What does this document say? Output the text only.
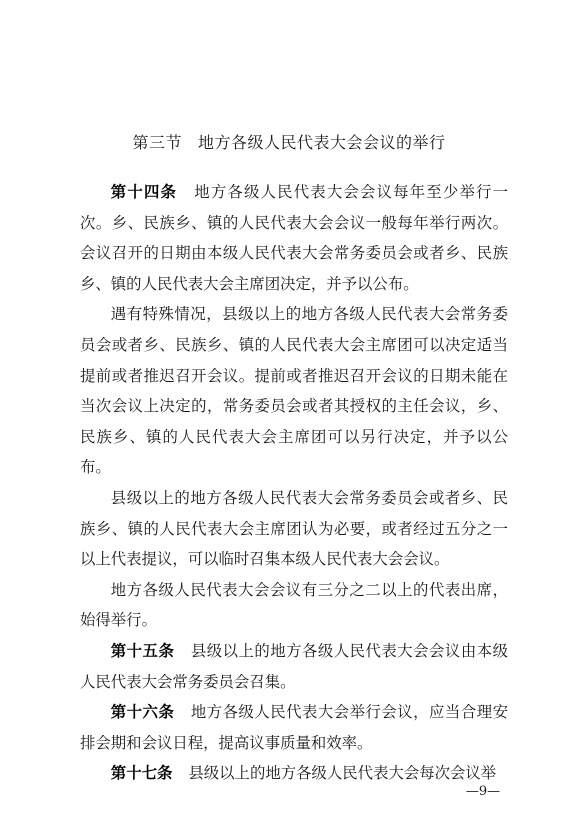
第三节 地方各级人民代表大会会议的举行

第十四条 地方各级人民代表大会会议每年至少举行一次。乡、民族乡、镇的人民代表大会会议一般每年举行两次。会议召开的日期由本级人民代表大会常务委员会或者乡、民族乡、镇的人民代表大会主席团决定，并予以公布。

遇有特殊情况，县级以上的地方各级人民代表大会常务委员会或者乡、民族乡、镇的人民代表大会主席团可以决定适当提前或者推迟召开会议。提前或者推迟召开会议的日期未能在当次会议上决定的，常务委员会或者其授权的主任会议，乡、民族乡、镇的人民代表大会主席团可以另行决定，并予以公布。

县级以上的地方各级人民代表大会常务委员会或者乡、民族乡、镇的人民代表大会主席团认为必要，或者经过五分之一以上代表提议，可以临时召集本级人民代表大会会议。

地方各级人民代表大会会议有三分之二以上的代表出席，始得举行。

第十五条 县级以上的地方各级人民代表大会会议由本级人民代表大会常务委员会召集。

第十六条 地方各级人民代表大会举行会议，应当合理安排会期和会议日程，提高议事质量和效率。

第十七条 县级以上的地方各级人民代表大会每次会议举

—9—
